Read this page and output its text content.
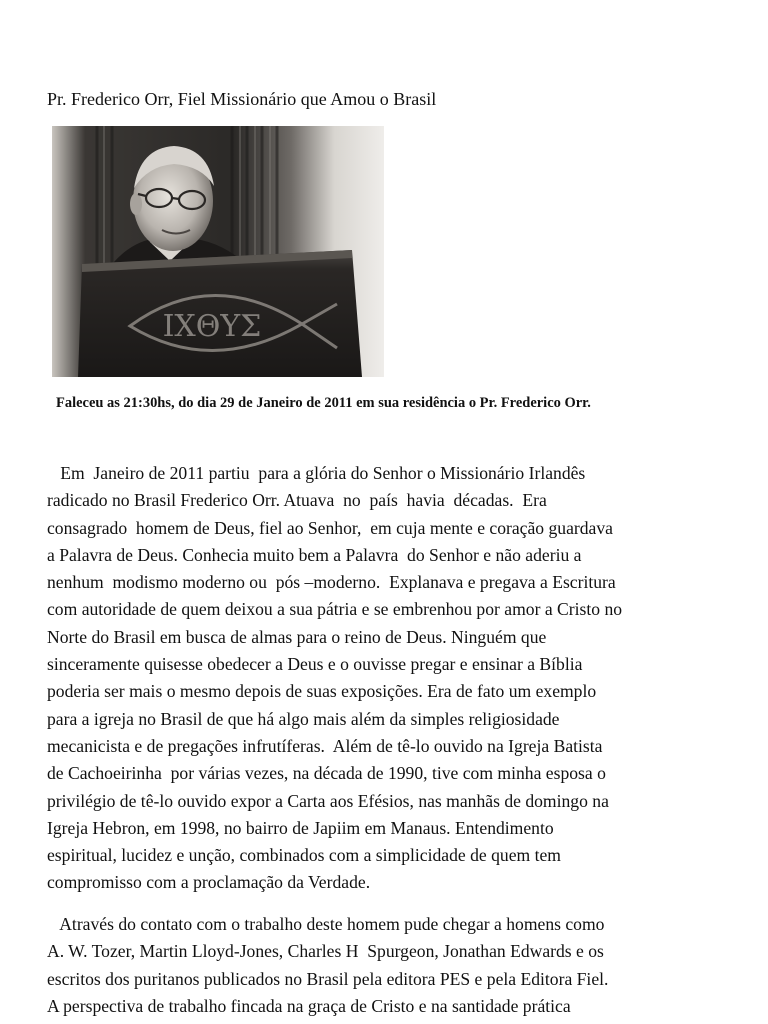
Pr. Frederico Orr, Fiel Missionário que Amou o Brasil
ΙΧΘΥΣ
Faleceu as 21:30hs, do dia 29 de Janeiro de 2011 em sua residência o Pr. Frederico Orr.
Em  Janeiro de 2011 partiu  para a glória do Senhor o Missionário Irlandês
radicado no Brasil Frederico Orr. Atuava  no  país  havia  décadas.  Era
consagrado  homem de Deus, fiel ao Senhor,  em cuja mente e coração guardava
a Palavra de Deus. Conhecia muito bem a Palavra  do Senhor e não aderiu a
nenhum  modismo moderno ou  pós –moderno.  Explanava e pregava a Escritura
com autoridade de quem deixou a sua pátria e se embrenhou por amor a Cristo no
Norte do Brasil em busca de almas para o reino de Deus. Ninguém que
sinceramente quisesse obedecer a Deus e o ouvisse pregar e ensinar a Bíblia
poderia ser mais o mesmo depois de suas exposições. Era de fato um exemplo
para a igreja no Brasil de que há algo mais além da simples religiosidade
mecanicista e de pregações infrutíferas.  Além de tê-lo ouvido na Igreja Batista
de Cachoeirinha  por várias vezes, na década de 1990, tive com minha esposa o
privilégio de tê-lo ouvido expor a Carta aos Efésios, nas manhãs de domingo na
Igreja Hebron, em 1998, no bairro de Japiim em Manaus. Entendimento
espiritual, lucidez e unção, combinados com a simplicidade de quem tem
compromisso com a proclamação da Verdade.
Através do contato com o trabalho deste homem pude chegar a homens como
A. W. Tozer, Martin Lloyd-Jones, Charles H  Spurgeon, Jonathan Edwards e os
escritos dos puritanos publicados no Brasil pela editora PES e pela Editora Fiel.
A perspectiva de trabalho fincada na graça de Cristo e na santidade prática
